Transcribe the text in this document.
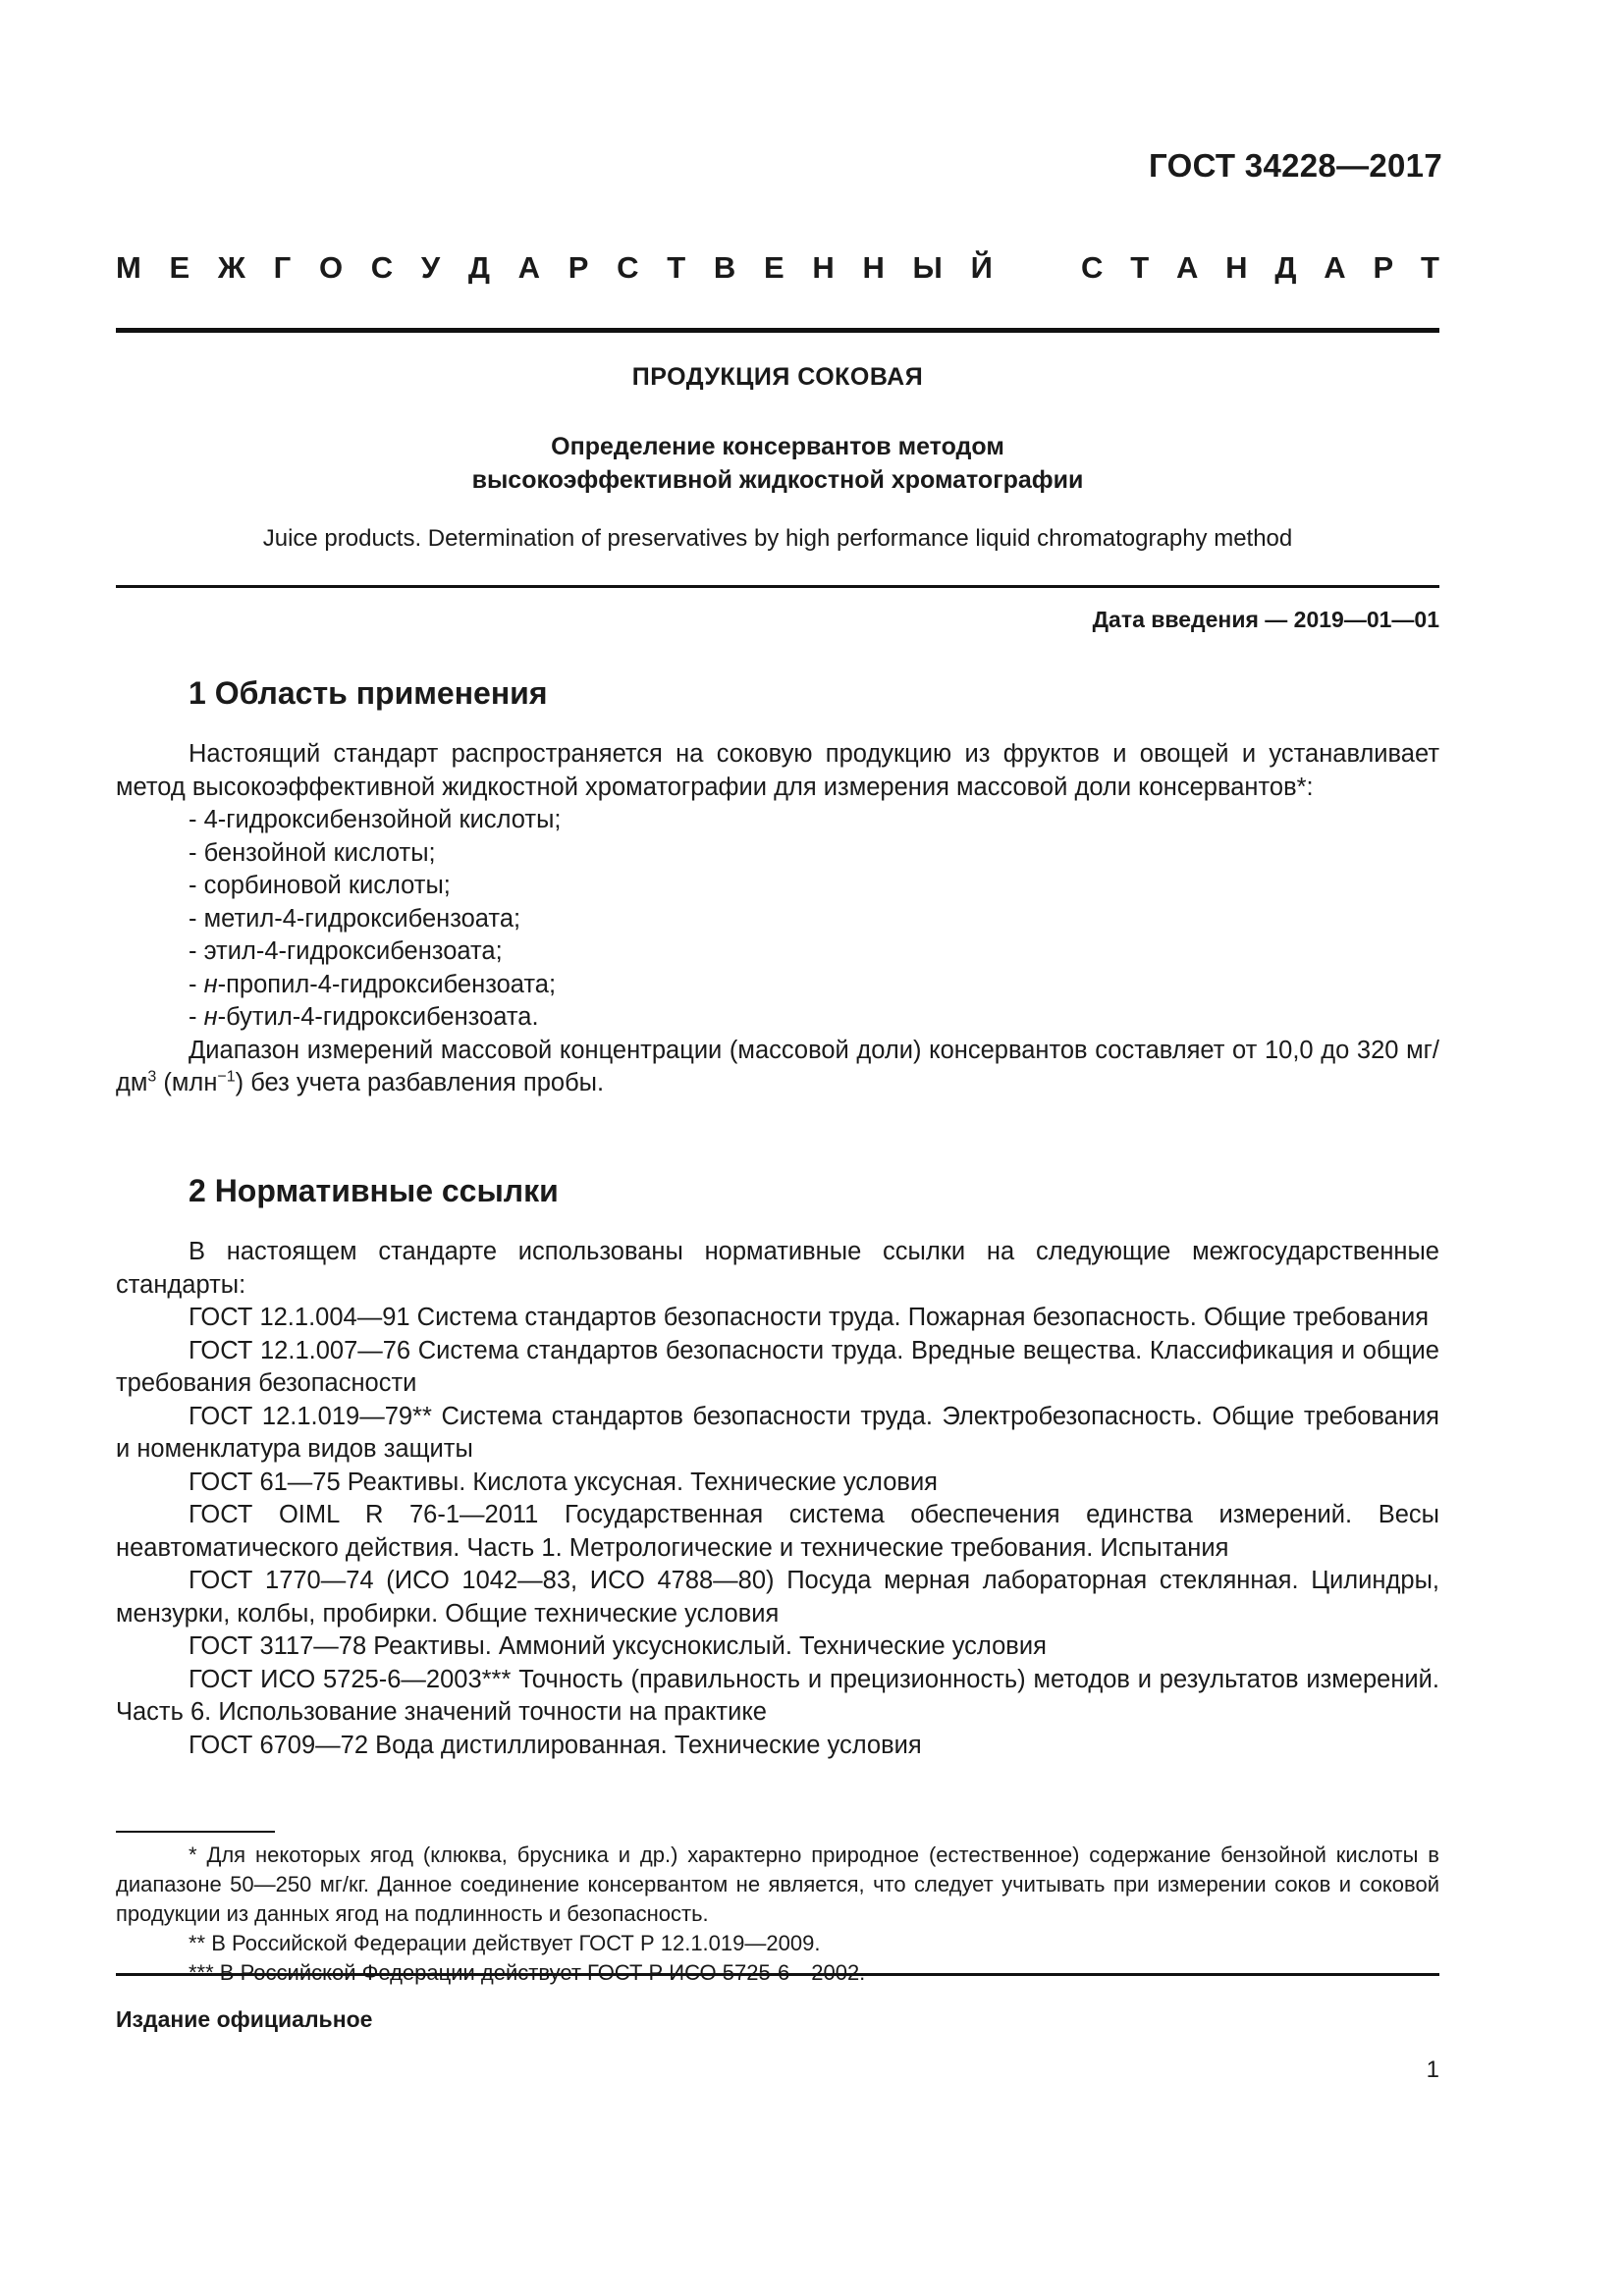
ГОСТ 34228—2017
М Е Ж Г О С У Д А Р С Т В Е Н Н Ы Й	С Т А Н Д А Р Т
ПРОДУКЦИЯ СОКОВАЯ
Определение консервантов методом
высокоэффективной жидкостной хроматографии
Juice products. Determination of preservatives by high performance liquid chromatography method
Дата введения — 2019—01—01
1 Область применения

Настоящий стандарт распространяется на соковую продукцию из фруктов и овощей и устанавливает метод высокоэффективной жидкостной хроматографии для измерения массовой доли консервантов*:

- 4-гидроксибензойной кислоты;
- бензойной кислоты;
- сорбиновой кислоты;
- метил-4-гидроксибензоата;
- этил-4-гидроксибензоата;
- н-пропил-4-гидроксибензоата;
- н-бутил-4-гидроксибензоата.

Диапазон измерений массовой концентрации (массовой доли) консервантов составляет от 10,0 до 320 $мг/дм^3$ (млн$^{-1}$) без учета разбавления пробы.

2 Нормативные ссылки

В настоящем стандарте использованы нормативные ссылки на следующие межгосударственные стандарты:

ГОСТ 12.1.004—91 Система стандартов безопасности труда. Пожарная безопасность. Общие требования

ГОСТ 12.1.007—76 Система стандартов безопасности труда. Вредные вещества. Классификация и общие требования безопасности

ГОСТ 12.1.019—79** Система стандартов безопасности труда. Электробезопасность. Общие требования и номенклатура видов защиты

ГОСТ 61—75 Реактивы. Кислота уксусная. Технические условия

ГОСТ OIML R 76-1—2011 Государственная система обеспечения единства измерений. Весы неавтоматического действия. Часть 1. Метрологические и технические требования. Испытания

ГОСТ 1770—74 (ИСО 1042—83, ИСО 4788—80) Посуда мерная лабораторная стеклянная. Цилиндры, мензурки, колбы, пробирки. Общие технические условия

ГОСТ 3117—78 Реактивы. Аммоний уксуснокислый. Технические условия

ГОСТ ИСО 5725-6—2003*** Точность (правильность и прецизионность) методов и результатов измерений. Часть 6. Использование значений точности на практике

ГОСТ 6709—72 Вода дистиллированная. Технические условия

* Для некоторых ягод (клюква, брусника и др.) характерно природное (естественное) содержание бензойной кислоты в диапазоне 50—250 мг/кг. Данное соединение консервантом не является, что следует учитывать при измерении соков и соковой продукции из данных ягод на подлинность и безопасность.

** В Российской Федерации действует ГОСТ Р 12.1.019—2009.

Издание официальное
1
